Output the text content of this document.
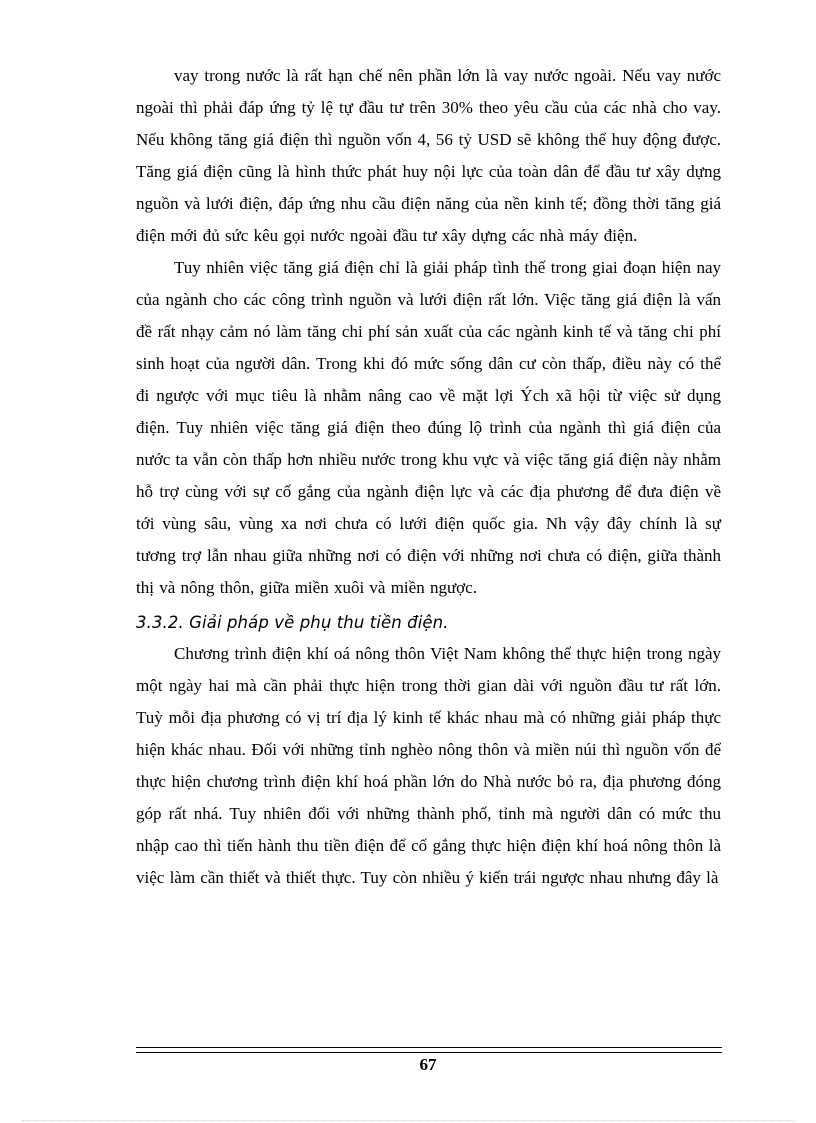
vay trong nước là rất hạn chế nên phần lớn là vay nước ngoài. Nếu vay nước ngoài thì phải đáp ứng tỷ lệ tự đầu tư trên 30% theo yêu cầu của các nhà cho vay. Nếu không tăng giá điện thì nguồn vốn 4, 56 tỷ USD sẽ không thể huy động được. Tăng giá điện cũng là hình thức phát huy nội lực của toàn dân để đầu tư xây dựng nguồn và lưới điện, đáp ứng nhu cầu điện năng của nền kinh tế; đồng thời tăng giá điện mới đủ sức kêu gọi nước ngoài đầu tư xây dựng các nhà máy điện.

Tuy nhiên việc tăng giá điện chỉ là giải pháp tình thế trong giai đoạn hiện nay của ngành cho các công trình nguồn và lưới điện rất lớn. Việc tăng giá điện là vấn đề rất nhạy cảm nó làm tăng chi phí sản xuất của các ngành kinh tế và tăng chi phí sinh hoạt của người dân. Trong khi đó mức sống dân cư còn thấp, điều này có thể đi ngược với mục tiêu là nhằm nâng cao về mặt lợi Ých xã hội từ việc sử dụng điện. Tuy nhiên việc tăng giá điện theo đúng lộ trình của ngành thì giá điện của nước ta vẫn còn thấp hơn nhiều nước trong khu vực và việc tăng giá điện này nhằm hỗ trợ cùng với sự cố gắng của ngành điện lực và các địa phương để đưa điện về tới vùng sâu, vùng xa nơi chưa có lưới điện quốc gia. Nh vậy đây chính là sự tương trợ lẫn nhau giữa những nơi có điện với những nơi chưa có điện, giữa thành thị và nông thôn, giữa miền xuôi và miền ngược.

3.3.2. Giải pháp về phụ thu tiền điện.

Chương trình điện khí oá nông thôn Việt Nam không thể thực hiện trong ngày một ngày hai mà cần phải thực hiện trong thời gian dài với nguồn đầu tư rất lớn. Tuỳ mỗi địa phương có vị trí địa lý kinh tế khác nhau mà có những giải pháp thực hiện khác nhau. Đối với những tỉnh nghèo nông thôn và miền núi thì nguồn vốn để thực hiện chương trình điện khí hoá phần lớn do Nhà nước bỏ ra, địa phương đóng góp rất nhá. Tuy nhiên đối với những thành phố, tỉnh mà người dân có mức thu nhập cao thì tiến hành thu tiền điện để cố gắng thực hiện điện khí hoá nông thôn là việc làm cần thiết và thiết thực. Tuy còn nhiều ý kiến trái ngược nhau nhưng đây là

67
